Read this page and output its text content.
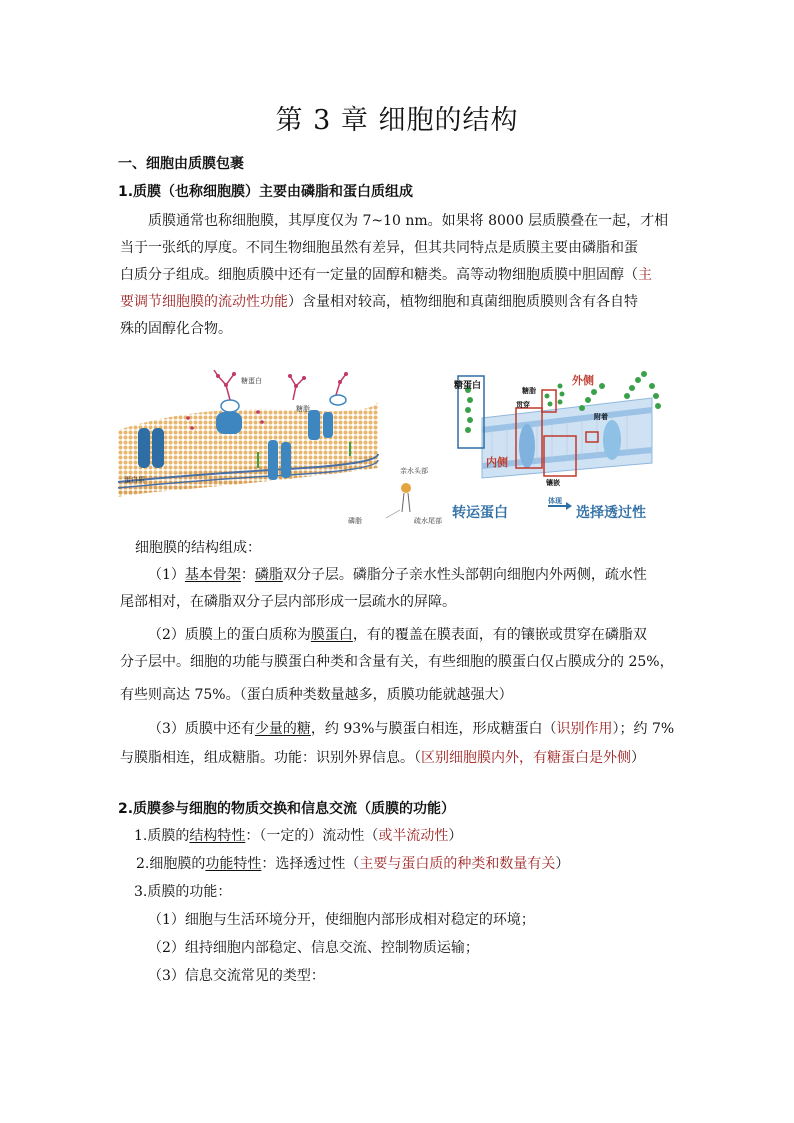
第 3 章 细胞的结构
一、细胞由质膜包裹
1.质膜（也称细胞膜）主要由磷脂和蛋白质组成
质膜通常也称细胞膜，其厚度仅为 7~10 nm。如果将 8000 层质膜叠在一起，才相
当于一张纸的厚度。不同生物细胞虽然有差异，但其共同特点是质膜主要由磷脂和蛋
白质分子组成。细胞质膜中还有一定量的固醇和糖类。高等动物细胞质膜中胆固醇（主
要调节细胞膜的流动性功能）含量相对较高，植物细胞和真菌细胞质膜则含有各自特
殊的固醇化合物。
糖蛋白
蛋白质
糖脂
磷脂
亲水头部
疏水尾部
糖蛋白	糖脂
贯穿
外侧
附着
内侧
镶嵌
转运蛋白
体现
选择透过性
细胞膜的结构组成：
（1）基本骨架：磷脂双分子层。磷脂分子亲水性头部朝向细胞内外两侧，疏水性
尾部相对，在磷脂双分子层内部形成一层疏水的屏障。
（2）质膜上的蛋白质称为膜蛋白，有的覆盖在膜表面，有的镶嵌或贯穿在磷脂双
分子层中。细胞的功能与膜蛋白种类和含量有关，有些细胞的膜蛋白仅占膜成分的 25%，
有些则高达 75%。（蛋白质种类数量越多，质膜功能就越强大）
（3）质膜中还有少量的糖，约 93%与膜蛋白相连，形成糖蛋白（识别作用）；约 7%
与膜脂相连，组成糖脂。功能：识别外界信息。（区别细胞膜内外，有糖蛋白是外侧）
2.质膜参与细胞的物质交换和信息交流（质膜的功能）
1.质膜的结构特性：（一定的）流动性（或半流动性）
2.细胞膜的功能特性：选择透过性（主要与蛋白质的种类和数量有关）
3.质膜的功能：
（1）细胞与生活环境分开，使细胞内部形成相对稳定的环境；
（2）组持细胞内部稳定、信息交流、控制物质运输；
（3）信息交流常见的类型：
